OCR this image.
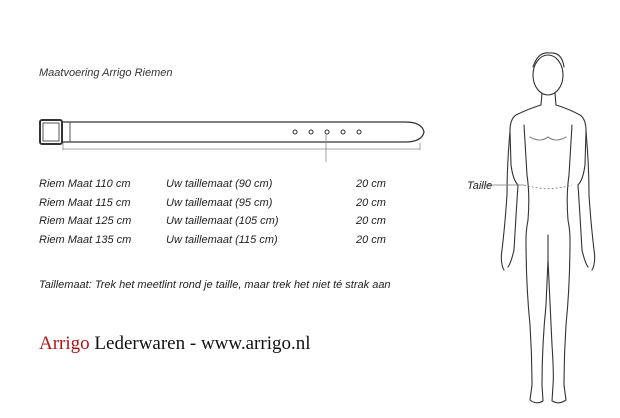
Maatvoering Arrigo Riemen
Riem Maat 110 cm	Uw taillemaat (90 cm)	20 cm
Riem Maat 115 cm	Uw taillemaat (95 cm)	20 cm
Riem Maat 125 cm	Uw taillemaat (105 cm)	20 cm
Riem Maat 135 cm	Uw taillemaat (115 cm)	20 cm
Taillemaat: Trek het meetlint rond je taille, maar trek het niet té strak aan
Arrigo Lederwaren - www.arrigo.nl
Taille
